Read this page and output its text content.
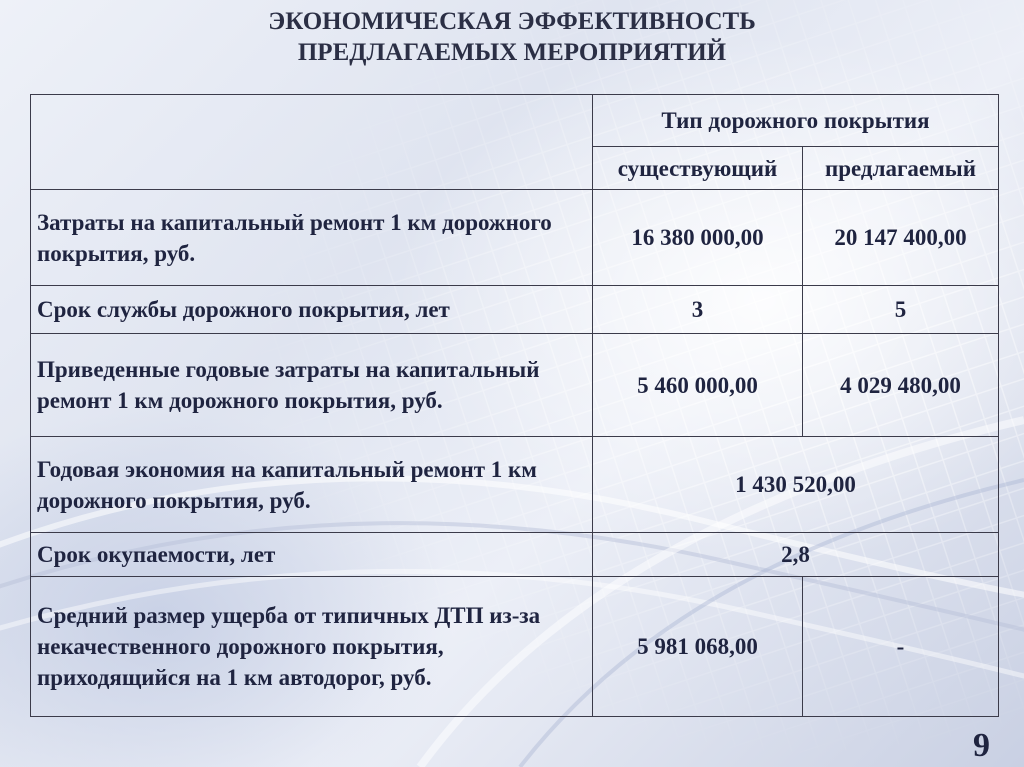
ЭКОНОМИЧЕСКАЯ ЭФФЕКТИВНОСТЬ
ПРЕДЛАГАЕМЫХ МЕРОПРИЯТИЙ
	Тип дорожного покрытия	
	существующий	предлагаемый
Затраты на капитальный ремонт 1 км дорожного покрытия, руб.	16 380 000,00	20 147 400,00
Срок службы дорожного покрытия, лет	3	5
Приведенные годовые затраты на капитальный ремонт 1 км дорожного покрытия, руб.	5 460 000,00	4 029 480,00
Годовая экономия на капитальный ремонт 1 км дорожного покрытия, руб.	1 430 520,00	
Срок окупаемости, лет	2,8	
Средний размер ущерба от типичных ДТП из-за некачественного дорожного покрытия, приходящийся на 1 км автодорог, руб.	5 981 068,00	-
9
